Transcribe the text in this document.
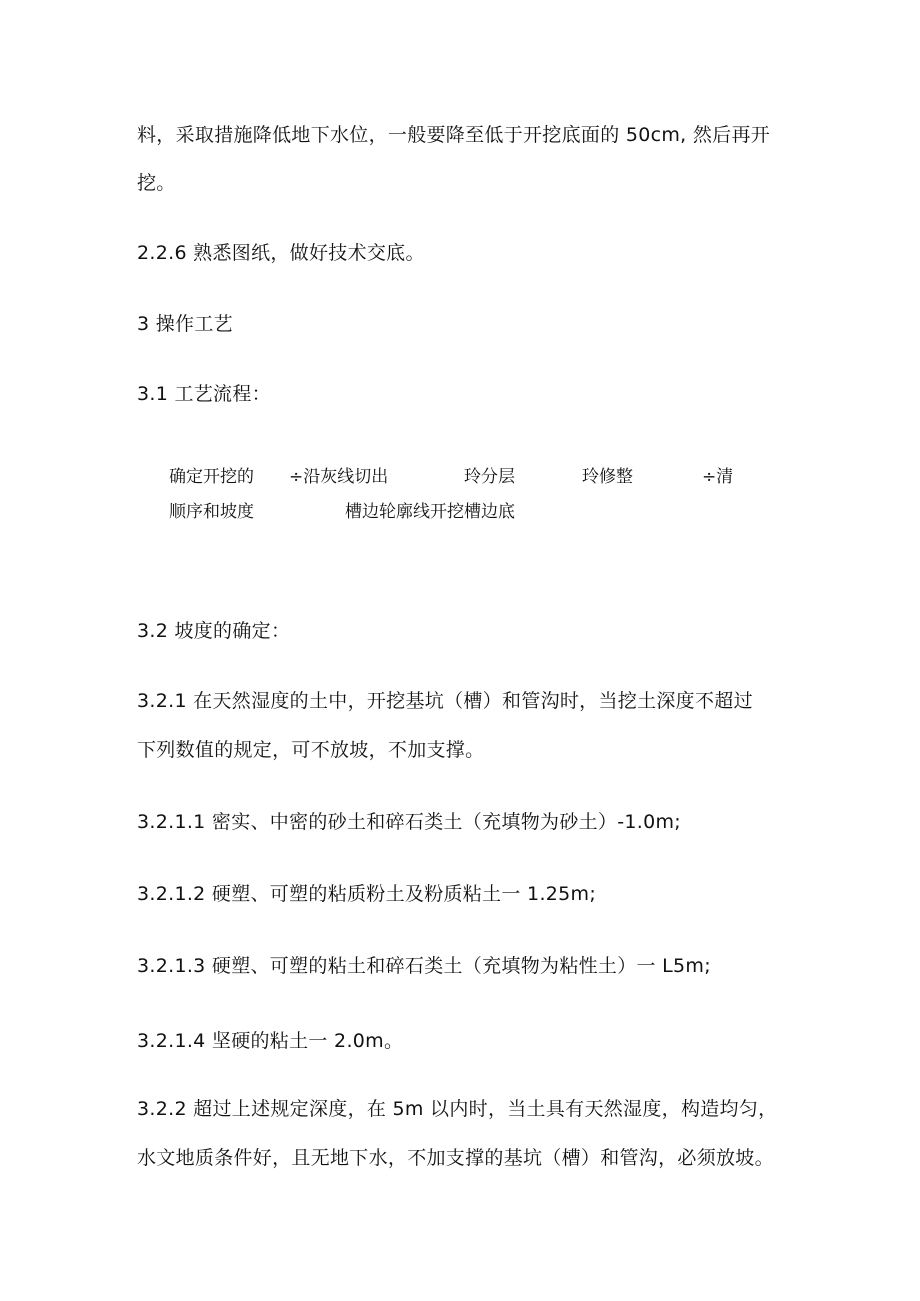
料，采取措施降低地下水位，一般要降至低于开挖底面的 50cm, 然后再开
挖。
2.2.6 熟悉图纸，做好技术交底。
3 操作工艺
3.1 工艺流程：
确定开挖的 ÷沿灰线切出	玲分层	玲修整	÷清
顺序和坡度	槽边轮廓线开挖槽边底
3.2 坡度的确定：
3.2.1 在天然湿度的土中，开挖基坑（槽）和管沟时，当挖土深度不超过
下列数值的规定，可不放坡，不加支撑。
3.2.1.1 密实、中密的砂土和碎石类土（充填物为砂土）-1.0m;
3.2.1.2 硬塑、可塑的粘质粉土及粉质粘土一 1.25m;
3.2.1.3 硬塑、可塑的粘土和碎石类土（充填物为粘性土）一 L5m;
3.2.1.4 坚硬的粘土一 2.0m。
3.2.2 超过上述规定深度，在 5m 以内时，当土具有天然湿度，构造均匀，
水文地质条件好，且无地下水，不加支撑的基坑（槽）和管沟，必须放坡。
